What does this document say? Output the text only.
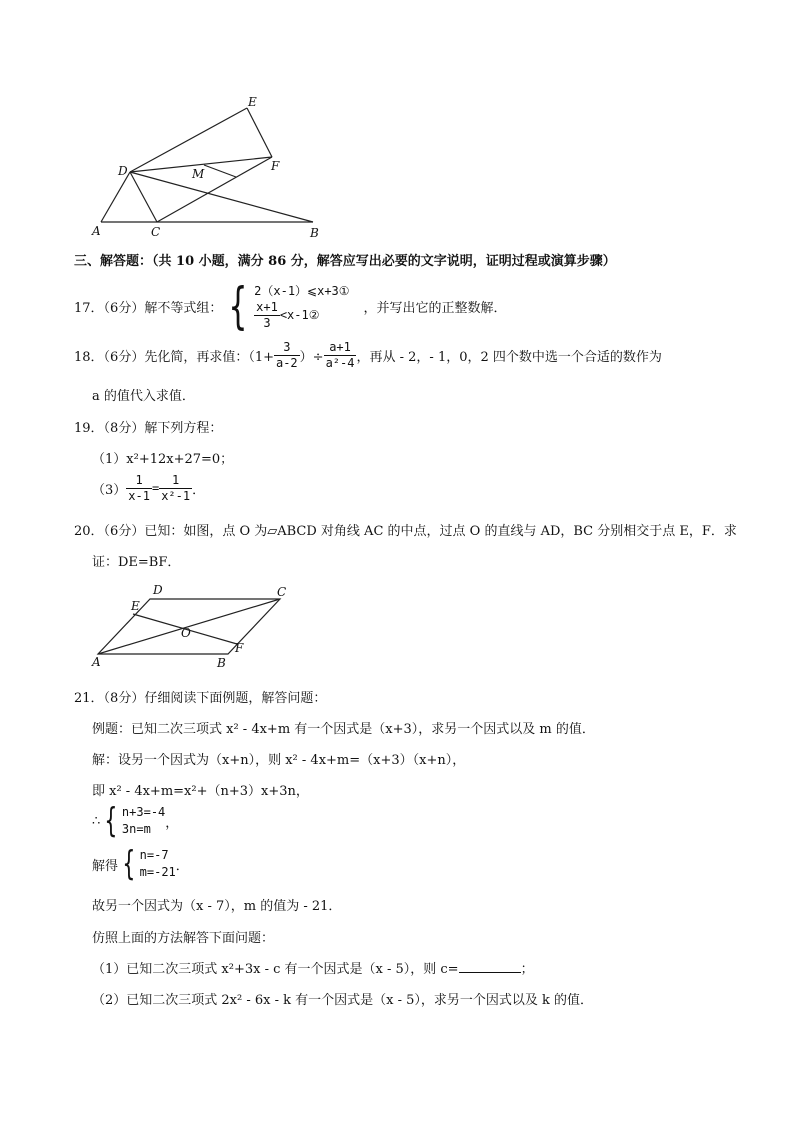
E
D	M
F
A	C	B
三、解答题：（共 10 小题，满分 86 分，解答应写出必要的文字说明，证明过程或演算步骤）
17．（6分）解不等式组： { 2（x-1）⩽x+3①
$\frac{x+1}{3}$ <x-1②	，并写出它的正整数解．
18．（6分）先化简，再求值：（$1+ \frac{3}{a-2}$ ）÷ $\frac{a+1}{\text{a²-4}}$ ，再从 - 2，- 1，0，2 四个数中选一个合适的数作为
a 的值代入求值．
19．（8分）解下列方程：
（1）x²+12x+27=0；
$(3) \frac{1}{x-1} = \frac{1}{\text{x²-1}}$ ．
20．（6分）已知：如图，点 O 为▱ABCD 对角线 AC 的中点，过点 O 的直线与 AD，BC 分别相交于点 E，F．求
证：DE=BF．
D	C
E
O
A	B
F
21．（8分）仔细阅读下面例题，解答问题：
例题：已知二次三项式 x² - 4x+m 有一个因式是（x+3），求另一个因式以及 m 的值．
解：设另一个因式为（x+n），则 x² - 4x+m=（x+3）（x+n），
即 x² - 4x+m=x²+（n+3）x+3n，
∴ { n+3=-4
3n=m	，
解得 { n=-7
m=-21 ．
故另一个因式为（x - 7），m 的值为 - 21．
仿照上面的方法解答下面问题：
（1）已知二次三项式 x²+3x - c 有一个因式是（x - 5），则 c=	；
（2）已知二次三项式 2x² - 6x - k 有一个因式是（x - 5），求另一个因式以及 k 的值．
